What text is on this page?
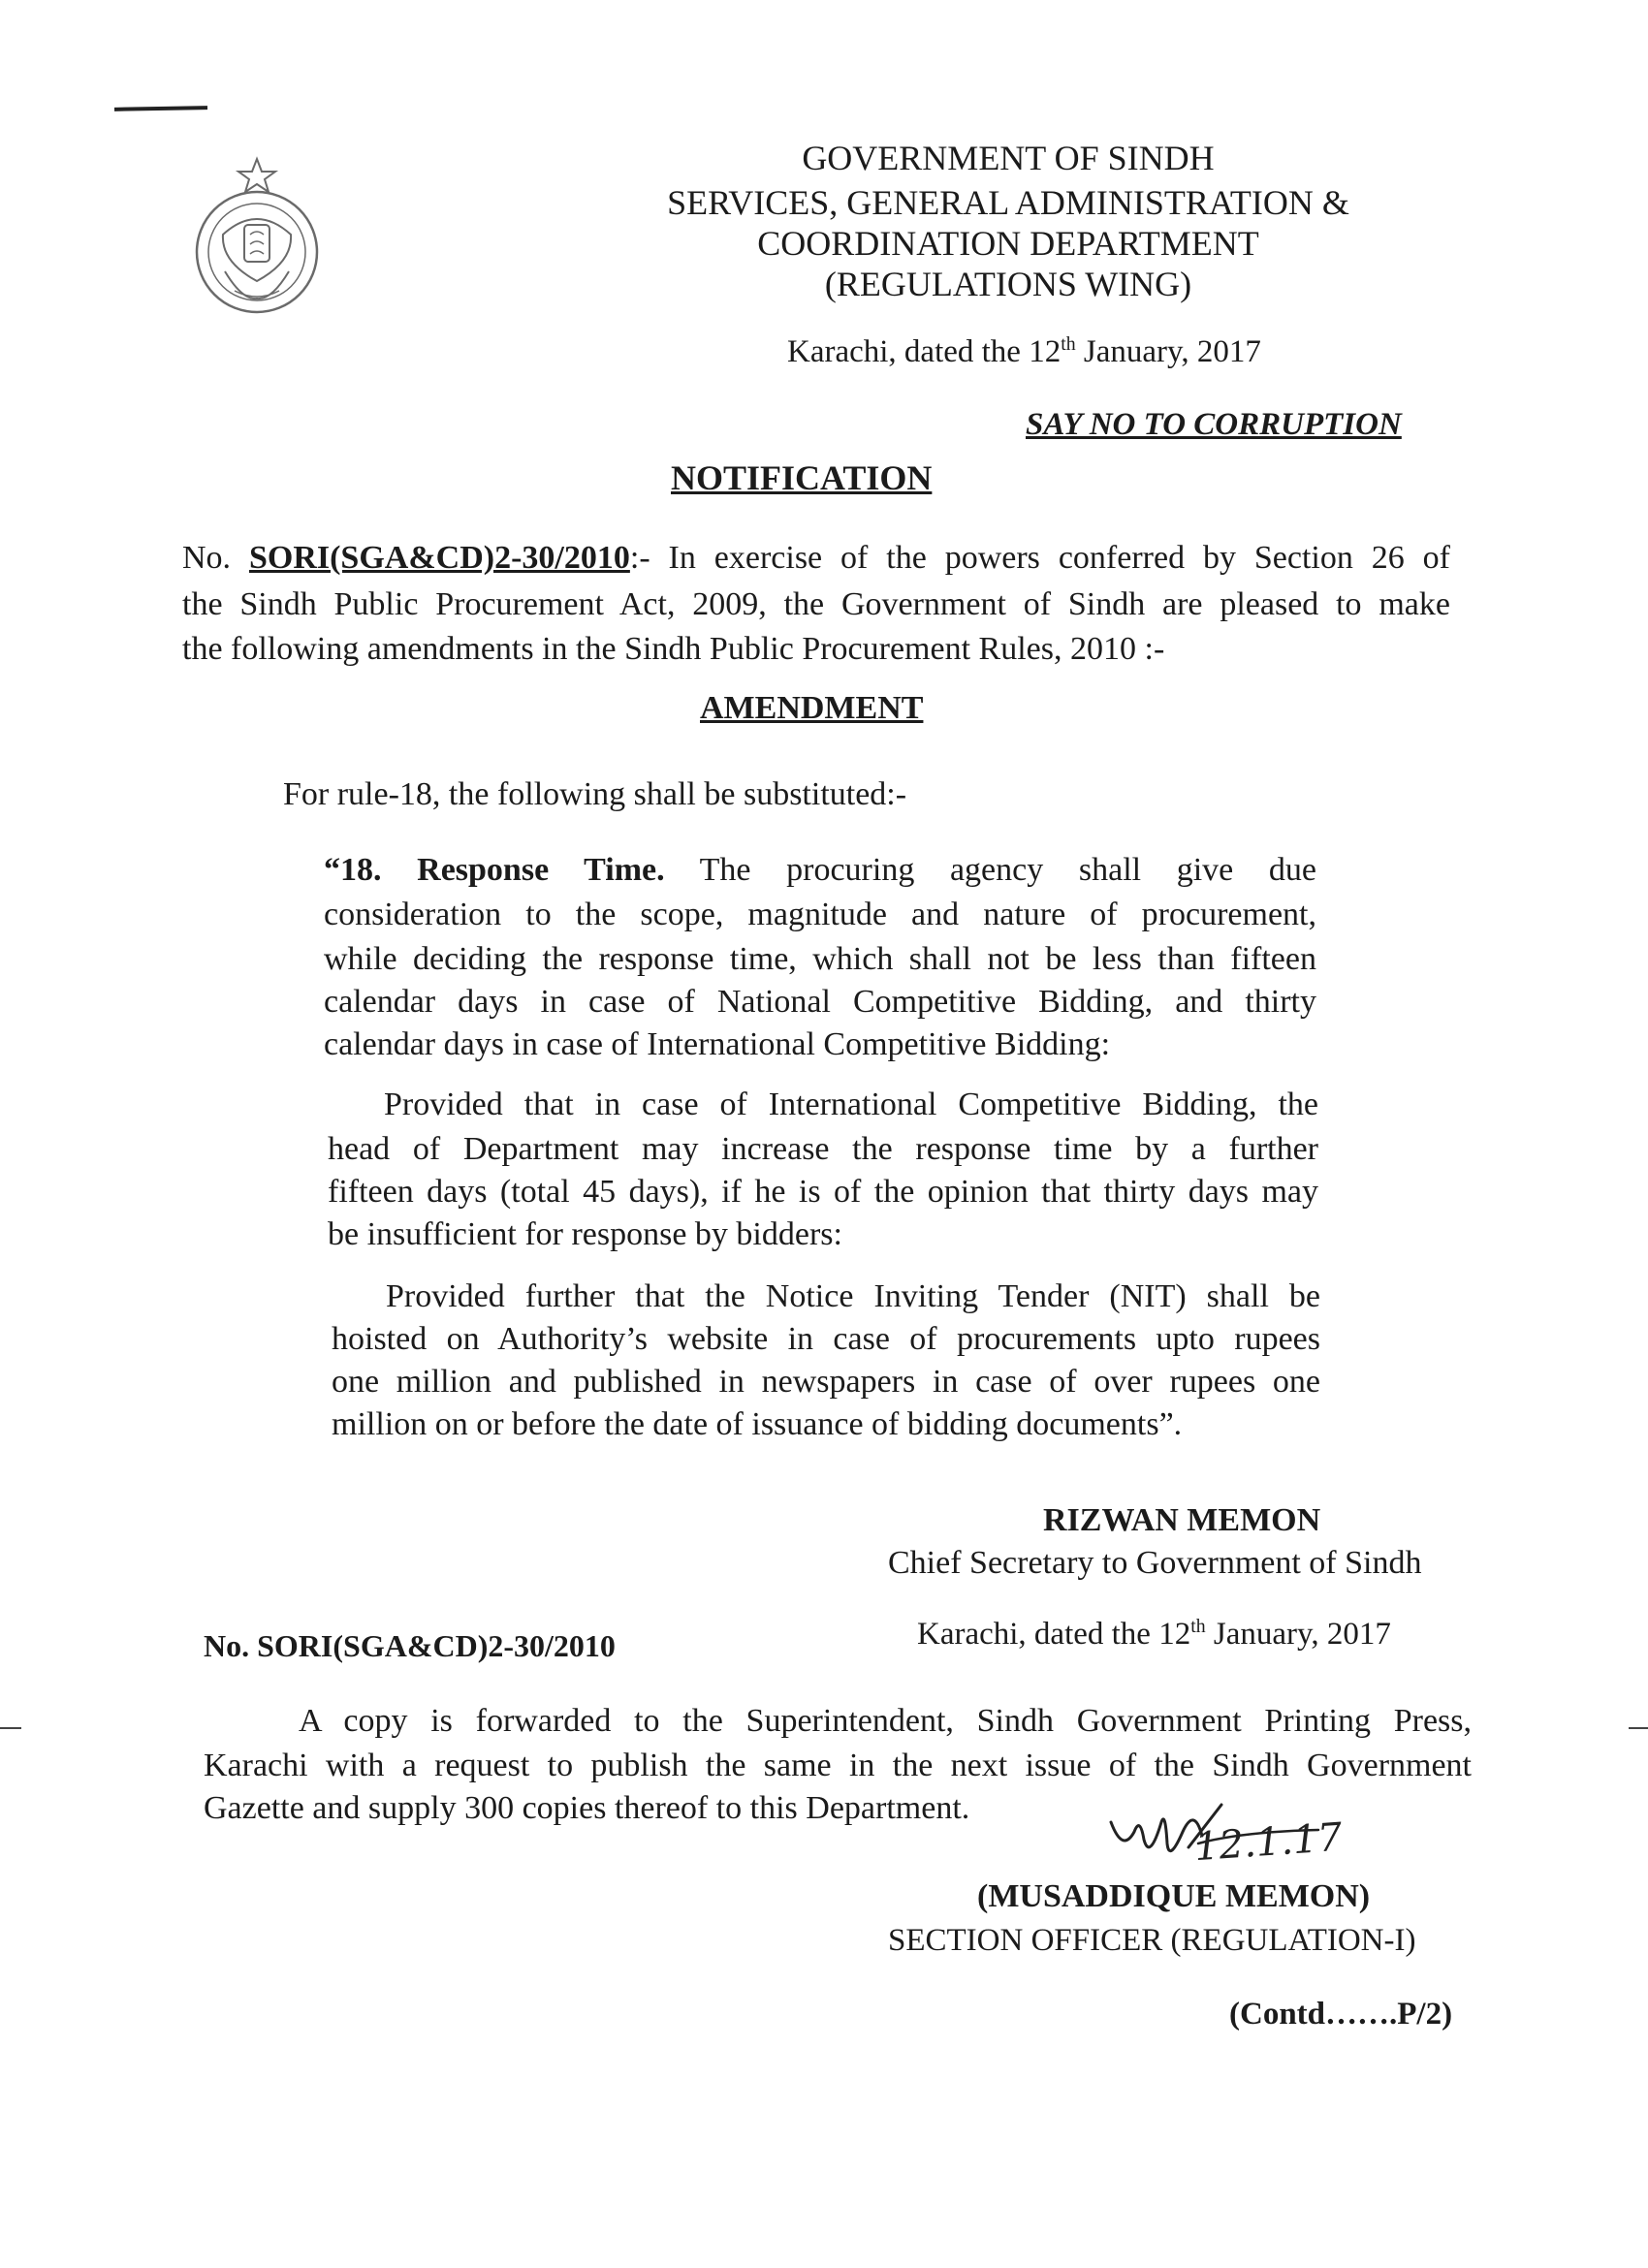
GOVERNMENT OF SINDH
SERVICES, GENERAL ADMINISTRATION &
COORDINATION DEPARTMENT
(REGULATIONS WING)
Karachi, dated the 12th January, 2017
SAY NO TO CORRUPTION
NOTIFICATION
No. SORI(SGA&CD)2-30/2010:- In exercise of the powers conferred by Section 26 of
the Sindh Public Procurement Act, 2009, the Government of Sindh are pleased to make
the following amendments in the Sindh Public Procurement Rules, 2010 :-
AMENDMENT
For rule-18, the following shall be substituted:-
“18. Response Time. The procuring agency shall give due
consideration to the scope, magnitude and nature of procurement,
while deciding the response time, which shall not be less than fifteen
calendar days in case of National Competitive Bidding, and thirty
calendar days in case of International Competitive Bidding:
Provided that in case of International Competitive Bidding, the
head of Department may increase the response time by a further
fifteen days (total 45 days), if he is of the opinion that thirty days may
be insufficient for response by bidders:
Provided further that the Notice Inviting Tender (NIT) shall be
hoisted on Authority’s website in case of procurements upto rupees
one million and published in newspapers in case of over rupees one
million on or before the date of issuance of bidding documents”.
RIZWAN MEMON
Chief Secretary to Government of Sindh
No. SORI(SGA&CD)2-30/2010	Karachi, dated the 12th January, 2017
A copy is forwarded to the Superintendent, Sindh Government Printing Press,
Karachi with a request to publish the same in the next issue of the Sindh Government
Gazette and supply 300 copies thereof to this Department.
12.1.17
(MUSADDIQUE MEMON)
SECTION OFFICER (REGULATION-I)
(Contd…….P/2)
